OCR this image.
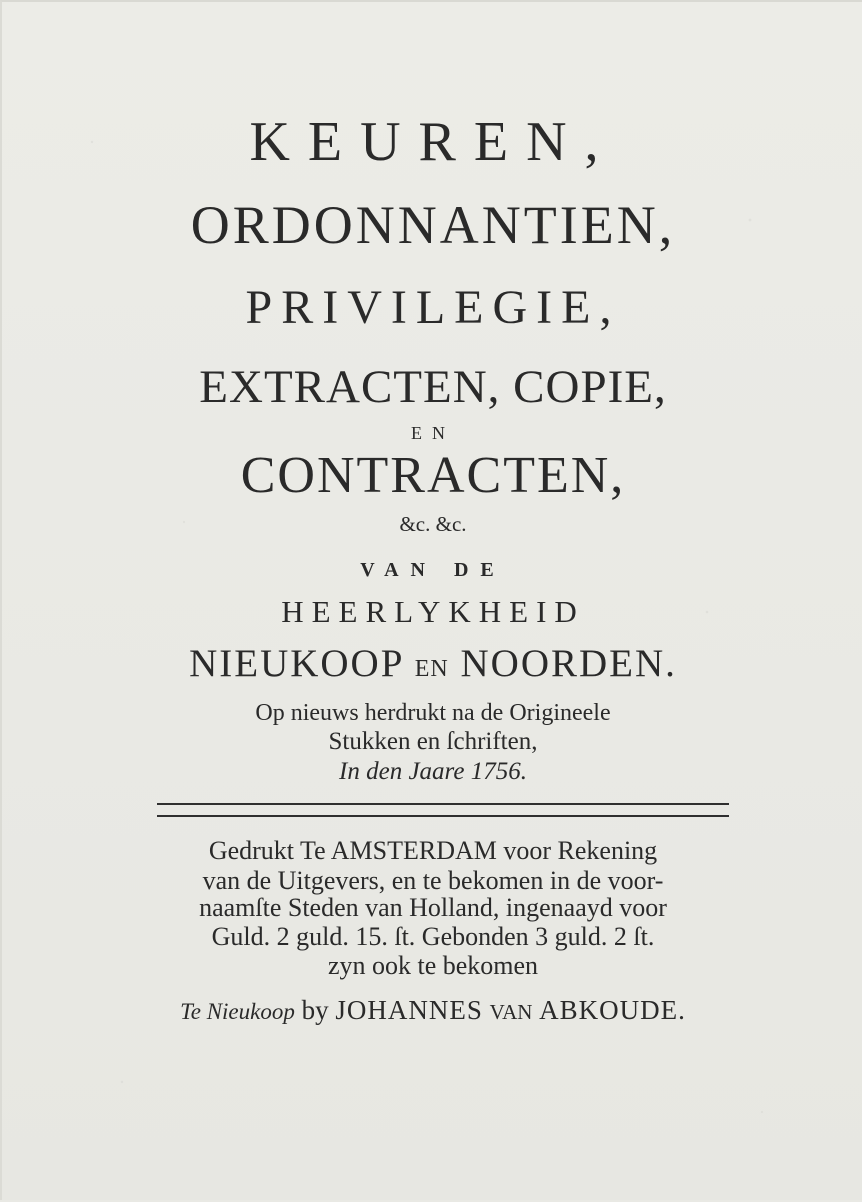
KEUREN,
ORDONNANTIEN,
PRIVILEGIE,
EXTRACTEN, COPIE,
EN
CONTRACTEN,
&c. &c.
VAN DE
HEERLYKHEID
NIEUKOOP EN NOORDEN.
Op nieuws herdrukt na de Origineele
Stukken en ſchriften,
In den Jaare 1756.
Gedrukt Te AMSTERDAM voor Rekening
van de Uitgevers, en te bekomen in de voor-
naamſte Steden van Holland, ingenaayd voor
Guld. 2 guld. 15. ſt. Gebonden 3 guld. 2 ſt.
zyn ook te bekomen
Te Nieukoop by JOHANNES VAN ABKOUDE.
